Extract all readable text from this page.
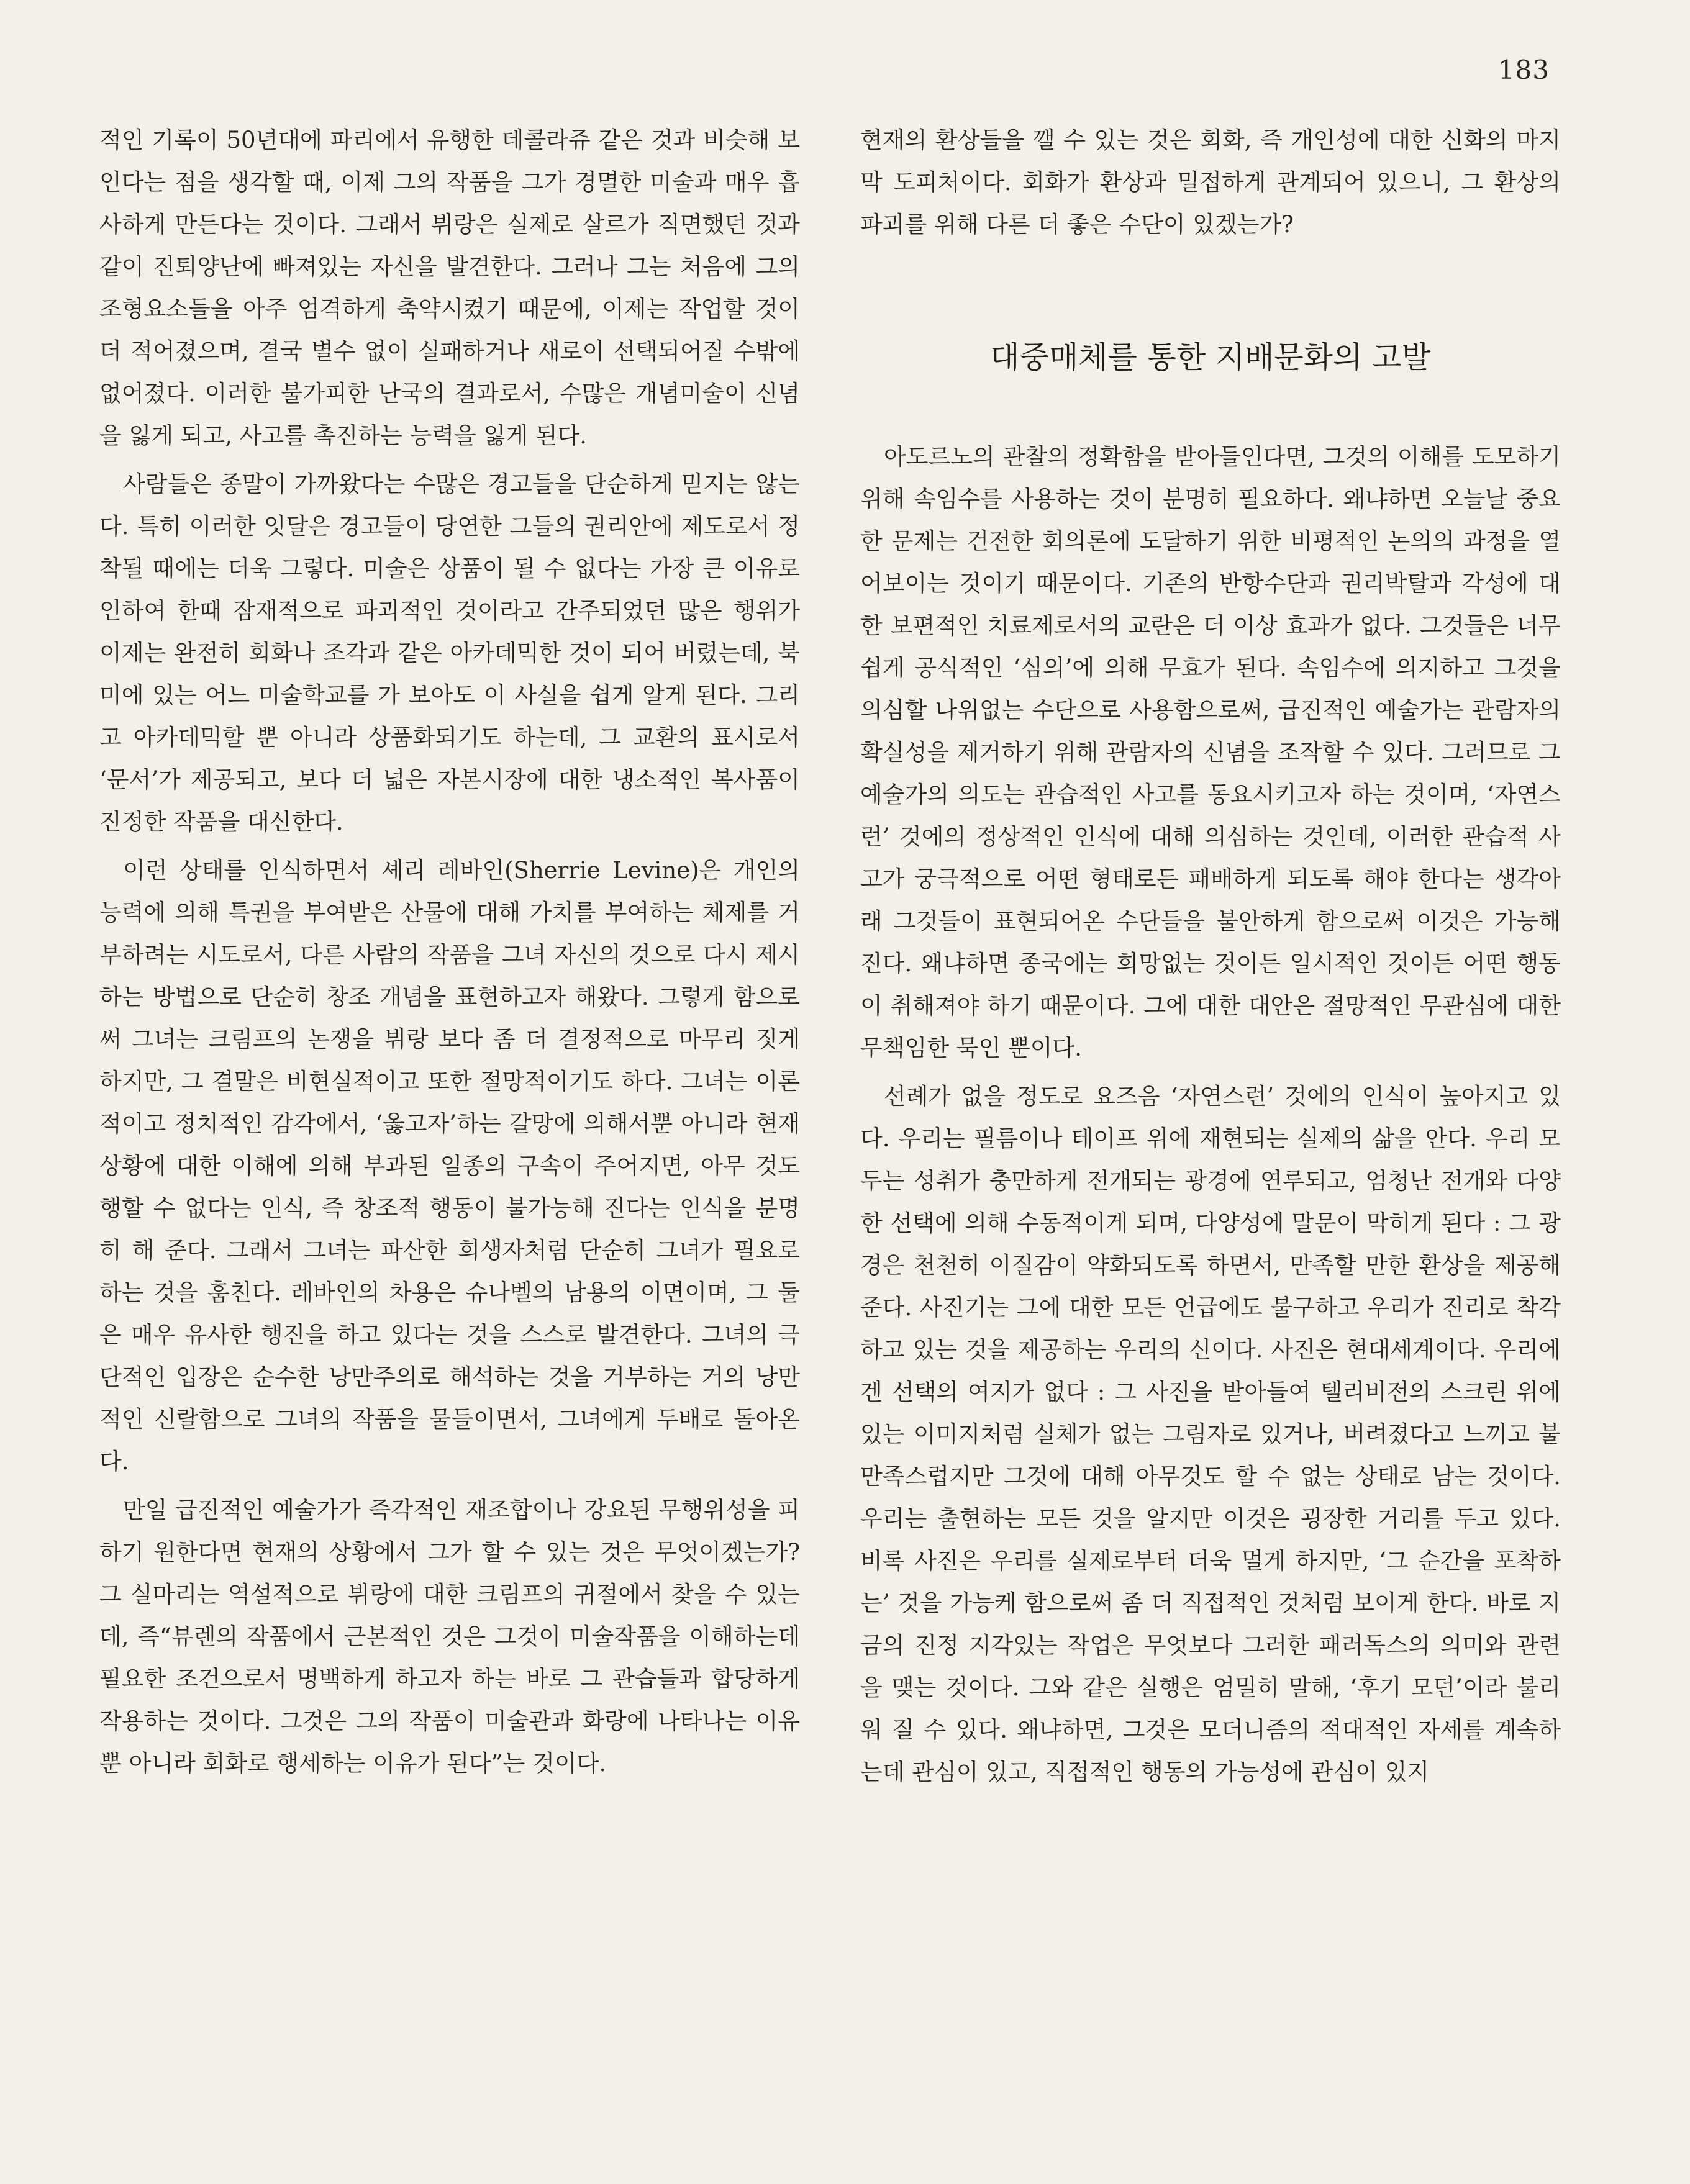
183

적인 기록이 50년대에 파리에서 유행한 데콜라쥬 같은 것과 비슷해 보인다는 점을 생각할 때, 이제 그의 작품을 그가 경멸한 미술과 매우 흡사하게 만든다는 것이다. 그래서 뷔랑은 실제로 살르가 직면했던 것과 같이 진퇴양난에 빠져있는 자신을 발견한다. 그러나 그는 처음에 그의 조형요소들을 아주 엄격하게 축약시켰기 때문에, 이제는 작업할 것이 더 적어졌으며, 결국 별수 없이 실패하거나 새로이 선택되어질 수밖에 없어졌다. 이러한 불가피한 난국의 결과로서, 수많은 개념미술이 신념을 잃게 되고, 사고를 촉진하는 능력을 잃게 된다.

사람들은 종말이 가까왔다는 수많은 경고들을 단순하게 믿지는 않는다. 특히 이러한 잇달은 경고들이 당연한 그들의 권리안에 제도로서 정착될 때에는 더욱 그렇다. 미술은 상품이 될 수 없다는 가장 큰 이유로 인하여 한때 잠재적으로 파괴적인 것이라고 간주되었던 많은 행위가 이제는 완전히 회화나 조각과 같은 아카데믹한 것이 되어 버렸는데, 북미에 있는 어느 미술학교를 가 보아도 이 사실을 쉽게 알게 된다. 그리고 아카데믹할 뿐 아니라 상품화되기도 하는데, 그 교환의 표시로서 ‘문서’가 제공되고, 보다 더 넓은 자본시장에 대한 냉소적인 복사품이 진정한 작품을 대신한다.

이런 상태를 인식하면서 셰리 레바인(Sherrie Levine)은 개인의 능력에 의해 특권을 부여받은 산물에 대해 가치를 부여하는 체제를 거부하려는 시도로서, 다른 사람의 작품을 그녀 자신의 것으로 다시 제시하는 방법으로 단순히 창조 개념을 표현하고자 해왔다. 그렇게 함으로써 그녀는 크림프의 논쟁을 뷔랑 보다 좀 더 결정적으로 마무리 짓게 하지만, 그 결말은 비현실적이고 또한 절망적이기도 하다. 그녀는 이론적이고 정치적인 감각에서, ‘옳고자’하는 갈망에 의해서뿐 아니라 현재 상황에 대한 이해에 의해 부과된 일종의 구속이 주어지면, 아무 것도 행할 수 없다는 인식, 즉 창조적 행동이 불가능해 진다는 인식을 분명히 해 준다. 그래서 그녀는 파산한 희생자처럼 단순히 그녀가 필요로 하는 것을 훔친다. 레바인의 차용은 슈나벨의 남용의 이면이며, 그 둘은 매우 유사한 행진을 하고 있다는 것을 스스로 발견한다. 그녀의 극단적인 입장은 순수한 낭만주의로 해석하는 것을 거부하는 거의 낭만적인 신랄함으로 그녀의 작품을 물들이면서, 그녀에게 두배로 돌아온다.

만일 급진적인 예술가가 즉각적인 재조합이나 강요된 무행위성을 피하기 원한다면 현재의 상황에서 그가 할 수 있는 것은 무엇이겠는가? 그 실마리는 역설적으로 뷔랑에 대한 크림프의 귀절에서 찾을 수 있는데, 즉“뷰렌의 작품에서 근본적인 것은 그것이 미술작품을 이해하는데 필요한 조건으로서 명백하게 하고자 하는 바로 그 관습들과 합당하게 작용하는 것이다. 그것은 그의 작품이 미술관과 화랑에 나타나는 이유뿐 아니라 회화로 행세하는 이유가 된다”는 것이다.

현재의 환상들을 깰 수 있는 것은 회화, 즉 개인성에 대한 신화의 마지막 도피처이다. 회화가 환상과 밀접하게 관계되어 있으니, 그 환상의 파괴를 위해 다른 더 좋은 수단이 있겠는가?

대중매체를 통한 지배문화의 고발

아도르노의 관찰의 정확함을 받아들인다면, 그것의 이해를 도모하기 위해 속임수를 사용하는 것이 분명히 필요하다. 왜냐하면 오늘날 중요한 문제는 건전한 회의론에 도달하기 위한 비평적인 논의의 과정을 열어보이는 것이기 때문이다. 기존의 반항수단과 권리박탈과 각성에 대한 보편적인 치료제로서의 교란은 더 이상 효과가 없다. 그것들은 너무 쉽게 공식적인 ‘심의’에 의해 무효가 된다. 속임수에 의지하고 그것을 의심할 나위없는 수단으로 사용함으로써, 급진적인 예술가는 관람자의 확실성을 제거하기 위해 관람자의 신념을 조작할 수 있다. 그러므로 그 예술가의 의도는 관습적인 사고를 동요시키고자 하는 것이며, ‘자연스런’ 것에의 정상적인 인식에 대해 의심하는 것인데, 이러한 관습적 사고가 궁극적으로 어떤 형태로든 패배하게 되도록 해야 한다는 생각아래 그것들이 표현되어온 수단들을 불안하게 함으로써 이것은 가능해 진다. 왜냐하면 종국에는 희망없는 것이든 일시적인 것이든 어떤 행동이 취해져야 하기 때문이다. 그에 대한 대안은 절망적인 무관심에 대한 무책임한 묵인 뿐이다.

선례가 없을 정도로 요즈음 ‘자연스런’ 것에의 인식이 높아지고 있다. 우리는 필름이나 테이프 위에 재현되는 실제의 삶을 안다. 우리 모두는 성취가 충만하게 전개되는 광경에 연루되고, 엄청난 전개와 다양한 선택에 의해 수동적이게 되며, 다양성에 말문이 막히게 된다 : 그 광경은 천천히 이질감이 약화되도록 하면서, 만족할 만한 환상을 제공해 준다. 사진기는 그에 대한 모든 언급에도 불구하고 우리가 진리로 착각하고 있는 것을 제공하는 우리의 신이다. 사진은 현대세계이다. 우리에겐 선택의 여지가 없다 : 그 사진을 받아들여 텔리비전의 스크린 위에 있는 이미지처럼 실체가 없는 그림자로 있거나, 버려졌다고 느끼고 불만족스럽지만 그것에 대해 아무것도 할 수 없는 상태로 남는 것이다. 우리는 출현하는 모든 것을 알지만 이것은 굉장한 거리를 두고 있다. 비록 사진은 우리를 실제로부터 더욱 멀게 하지만, ‘그 순간을 포착하는’ 것을 가능케 함으로써 좀 더 직접적인 것처럼 보이게 한다. 바로 지금의 진정 지각있는 작업은 무엇보다 그러한 패러독스의 의미와 관련을 맺는 것이다. 그와 같은 실행은 엄밀히 말해, ‘후기 모던’이라 불리워 질 수 있다. 왜냐하면, 그것은 모더니즘의 적대적인 자세를 계속하는데 관심이 있고, 직접적인 행동의 가능성에 관심이 있지
